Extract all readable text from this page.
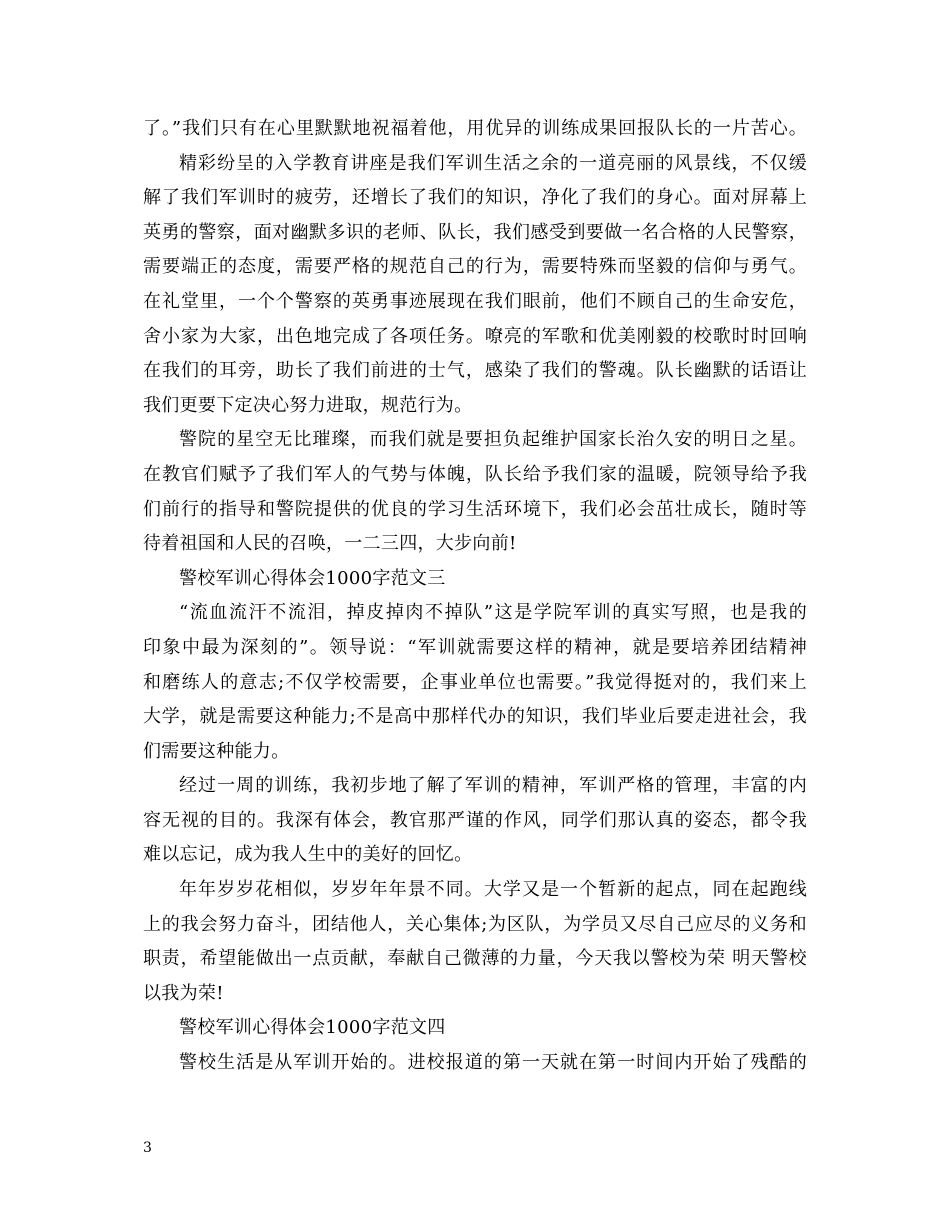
了。”我们只有在心里默默地祝福着他，用优异的训练成果回报队长的一片苦心。
精彩纷呈的入学教育讲座是我们军训生活之余的一道亮丽的风景线，不仅缓
解了我们军训时的疲劳，还增长了我们的知识，净化了我们的身心。面对屏幕上
英勇的警察，面对幽默多识的老师、队长，我们感受到要做一名合格的人民警察，
需要端正的态度，需要严格的规范自己的行为，需要特殊而坚毅的信仰与勇气。
在礼堂里，一个个警察的英勇事迹展现在我们眼前，他们不顾自己的生命安危，
舍小家为大家，出色地完成了各项任务。嘹亮的军歌和优美刚毅的校歌时时回响
在我们的耳旁，助长了我们前进的士气，感染了我们的警魂。队长幽默的话语让
我们更要下定决心努力进取，规范行为。
警院的星空无比璀璨，而我们就是要担负起维护国家长治久安的明日之星。
在教官们赋予了我们军人的气势与体魄，队长给予我们家的温暖，院领导给予我
们前行的指导和警院提供的优良的学习生活环境下，我们必会茁壮成长，随时等
待着祖国和人民的召唤，一二三四，大步向前!
警校军训心得体会1000字范文三
“流血流汗不流泪，掉皮掉肉不掉队”这是学院军训的真实写照，也是我的
印象中最为深刻的”。领导说：“军训就需要这样的精神，就是要培养团结精神
和磨练人的意志;不仅学校需要，企事业单位也需要。”我觉得挺对的，我们来上
大学，就是需要这种能力;不是高中那样代办的知识，我们毕业后要走进社会，我
们需要这种能力。
经过一周的训练，我初步地了解了军训的精神，军训严格的管理，丰富的内
容无视的目的。我深有体会，教官那严谨的作风，同学们那认真的姿态，都令我
难以忘记，成为我人生中的美好的回忆。
年年岁岁花相似，岁岁年年景不同。大学又是一个暂新的起点，同在起跑线
上的我会努力奋斗，团结他人，关心集体;为区队，为学员又尽自己应尽的义务和
职责，希望能做出一点贡献，奉献自己微薄的力量，今天我以警校为荣 明天警校
以我为荣!
警校军训心得体会1000字范文四
警校生活是从军训开始的。进校报道的第一天就在第一时间内开始了残酷的
3
